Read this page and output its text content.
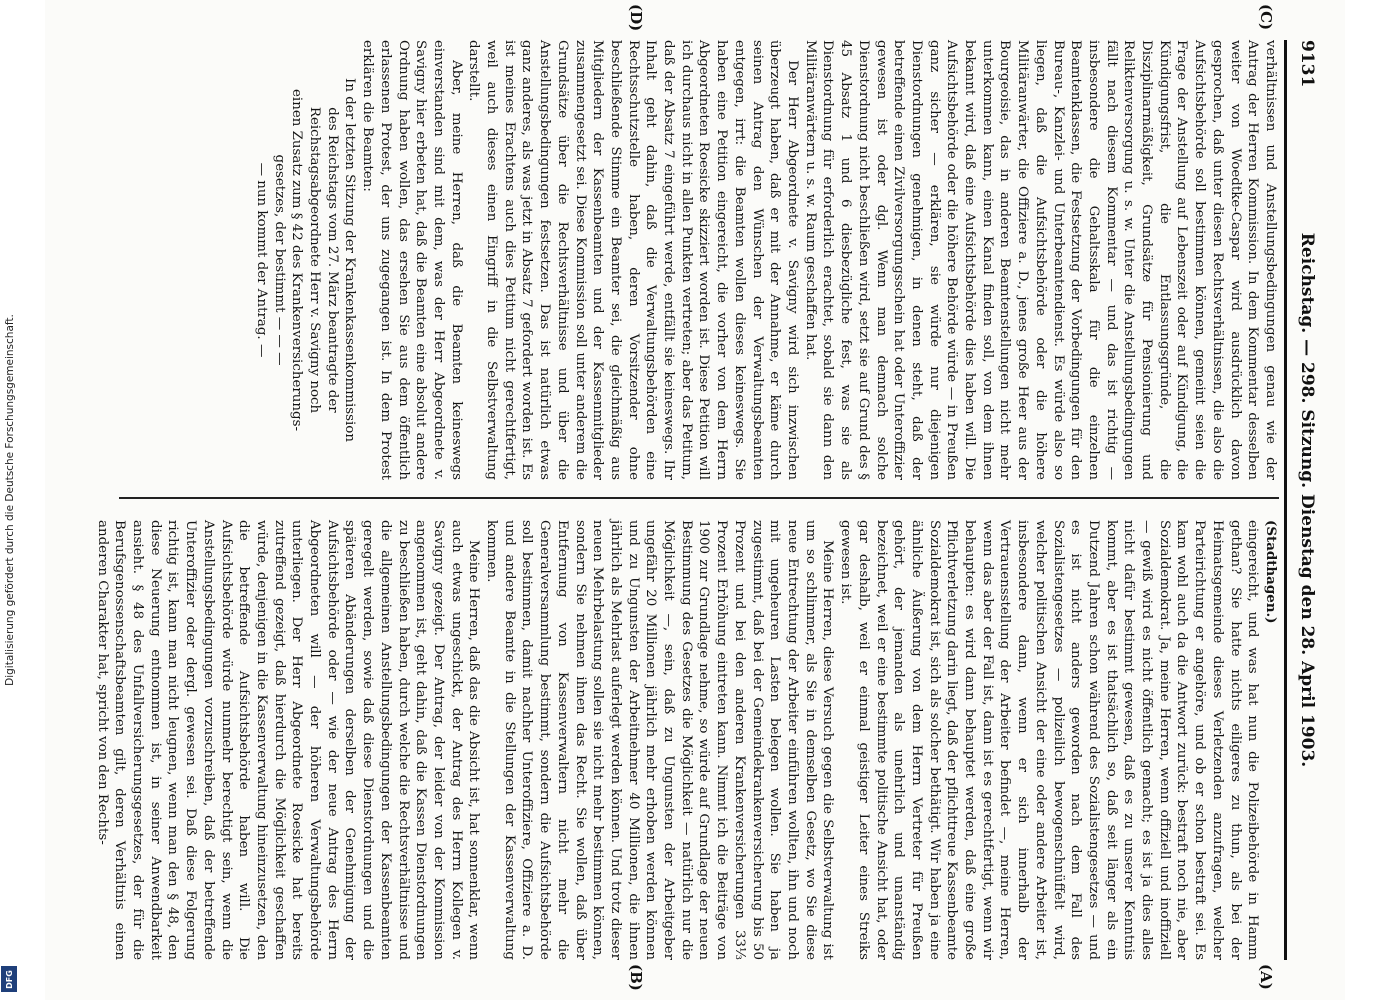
9131
Reichstag. — 298. Sitzung. Dienstag den 28. April 1903.
(C)
(D)
(A)
(B)

verhältnissen und Anstellungsbedingungen genau wie der Antrag der Herren Kommission. In dem Kommentar desselben weiter von Woedtke-Caspar wird ausdrücklich davon gesprochen, daß unter diesen Rechtsverhältnissen, die also die Aufsichtsbehörde soll bestimmen können, gemeint seien die Frage der Anstellung auf Lebenszeit oder auf Kündigung, die Kündigungsfrist, die Entlassungsgründe, die Disziplinarmäßigkeit, Grundsätze für Pensionierung und Reliktenversorgung u. s. w. Unter die Anstellungsbedingungen fällt nach diesem Kommentar — und das ist richtig — insbesondere die Gehaltsskala für die einzelnen Beamtenklassen, die Festsetzung der Vorbedingungen für den Bureau-, Kanzlei- und Unterbeamtendienst. Es würde also so liegen, daß die Aufsichtsbehörde oder die höhere Militäranwärter, die Offiziere a. D., jenes große Heer aus der Bourgeoisie, das in anderen Beamtenstellungen nicht mehr unterkommen kann, einen Kanal finden soll, von dem ihnen bekannt wird, daß eine Aufsichtsbehörde dies haben will. Die Aufsichtsbehörde oder die höhere Behörde würde — in Preußen ganz sicher — erklären, sie würde nur diejenigen Dienstordnungen genehmigen, in denen steht, daß der betreffende einen Zivilversorgungsschein hat oder Unteroffizier gewesen ist oder dgl. Wenn man demnach solche Dienstordnung nicht beschließen wird, setzt sie auf Grund des § 45 Absatz 1 und 6 diesbezügliche fest, was sie als Dienstordnung für erforderlich erachtet, sobald sie dann den Militäranwärtern u. s. w. Raum geschaffen hat.

Der Herr Abgeordnete v. Savigny wird sich inzwischen überzeugt haben, daß er mit der Annahme, er käme durch seinen Antrag den Wünschen der Verwaltungsbeamten entgegen, irrt: die Beamten wollen dieses keineswegs. Sie haben eine Petition eingereicht, die vorher von dem Herrn Abgeordneten Roesicke skizziert worden ist. Diese Petition will ich durchaus nicht in allen Punkten vertreten; aber das Petitum, daß der Absatz 7 eingeführt werde, entfällt sie keineswegs. Ihr Inhalt geht dahin, daß die Verwaltungsbehörden eine Rechtsschutzstelle haben, deren Vorsitzender ohne beschließende Stimme ein Beamter sei, die gleichmäßig aus Mitgliedern der Kassenbeamten und der Kassenmitglieder zusammengesetzt sei. Diese Kommission soll unter anderem die Grundsätze über die Rechtsverhältnisse und über die Anstellungsbedingungen festsetzen. Das ist natürlich etwas ganz anderes, als was jetzt in Absatz 7 gefordert worden ist. Es ist meines Erachtens auch dies Petitum nicht gerechtfertigt, weil auch dieses einen Eingriff in die Selbstverwaltung darstellt.

Aber, meine Herren, daß die Beamten keineswegs einverstanden sind mit dem, was der Herr Abgeordnete v. Savigny hier erbeten hat, daß die Beamten eine absolut andere Ordnung haben wollen, das ersehen Sie aus dem öffentlich erlassenen Protest, der uns zugegangen ist. In dem Protest erklären die Beamten:

In der letzten Sitzung der Krankenkassenkommission

des Reichstags vom 27. März beantragte der

Reichstagsabgeordnete Herr v. Savigny noch

einen Zusatz zum § 42 des Krankenversicherungs-

gesetzes, der bestimmt — — —

— nun kommt der Antrag. —

(Stadthagen.)

eingereicht, und was hat nun die Polizeibehörde in Hamm gethan? Sie hatte nichts eiligeres zu thun, als bei der Heimatsgemeinde dieses Verletzenden anzufragen, welcher Parteirichtung er angehöre, und ob er schon bestraft sei. Es kam wohl auch da die Antwort zurück: bestraft noch nie, aber Sozialdemokrat. Ja, meine Herren, wenn offiziell und inoffiziell — gewiß wird es nicht öffentlich gemacht; es ist ja dies alles nicht dafür bestimmt gewesen, daß es zu unserer Kenntnis kommt, aber es ist thatsächlich so, daß seit länger als ein Dutzend Jahren schon während des Sozialistengesetzes — und es ist nicht anders geworden nach dem Fall des Sozialistengesetzes — polizeilich bewogenschnüffelt wird, welcher politischen Ansicht der eine oder andere Arbeiter ist, insbesondere dann, wenn er sich innerhalb der Vertrauensstellung der Arbeiter befindet —, meine Herren, wenn das aber der Fall ist, dann ist es gerechtfertigt, wenn wir behaupten: es wird dann behauptet werden, daß eine große Pflichtverletzung darin liegt, daß der pflichttreue Kassenbeamte Sozialdemokrat ist, sich als solcher bethätigt. Wir haben ja eine ähnliche Äußerung von dem Herrn Vertreter für Preußen gehört, der jemanden als unehrlich und unanständig bezeichnet, weil er eine bestimmte politische Ansicht hat, oder gar deshalb, weil er einmal geistiger Leiter eines Streiks gewesen ist.

Meine Herren, diese Versuch gegen die Selbstverwaltung ist um so schlimmer, als Sie in demselben Gesetz, wo Sie diese neue Entrechtung der Arbeiter einführen wollten, ihn und noch mit ungeheuren Lasten belegen wollen. Sie haben ja zugestimmt, daß bei der Gemeindekrankenversicherung bis 50 Prozent und bei den anderen Krankenversicherungen 33⅓ Prozent Erhöhung eintreten kann. Nimmt ich die Beiträge von 1900 zur Grundlage nehme, so würde auf Grundlage der neuen Bestimmung des Gesetzes die Möglichkeit — natürlich nur die Möglichkeit —, sein, daß zu Ungunsten der Arbeitgeber ungefähr 20 Millionen jährlich mehr erhoben werden können und zu Ungunsten der Arbeitnehmer 40 Millionen, die ihnen jährlich als Mehrlast auferlegt werden können. Und trotz dieser neuen Mehrbelastung sollen sie nicht mehr bestimmen können, sondern Sie nehmen ihnen das Recht. Sie wollen, daß über Entfernung von Kassenverwaltern nicht mehr die Generalversammlung bestimmt, sondern die Aufsichtsbehörde soll bestimmen, damit nachher Unteroffiziere, Offiziere a. D. und andere Beamte in die Stellungen der Kassenverwaltung kommen.

Meine Herren, daß das die Absicht ist, hat sonnenklar, wenn auch etwas ungeschickt, der Antrag des Herrn Kollegen v. Savigny gezeigt. Der Antrag, der leider von der Kommission angenommen ist, geht dahin, daß die Kassen Dienstordnungen zu beschließen haben, durch welche die Rechtsverhältnisse und die allgemeinen Anstellungsbedingungen der Kassenbeamten geregelt werden, sowie daß diese Dienstordnungen und die späteren Abänderungen derselben der Genehmigung der Aufsichtsbehörde oder — wie der neue Antrag des Herrn Abgeordneten will — der höheren Verwaltungsbehörde unterliegen. Der Herr Abgeordnete Roesicke hat bereits zutreffend gezeigt, daß hierdurch die Möglichkeit geschaffen würde, denjenigen in die Kassenverwaltung hineinzusetzen, den die betreffende Aufsichtsbehörde haben will. Die Aufsichtsbehörde würde nunmehr berechtigt sein, wenn die Anstellungsbedingungen vorzuschreiben, daß der betreffende Unteroffizier oder dergl. gewesen sei. Daß diese Folgerung richtig ist, kann man nicht leugnen, wenn man den § 48, den diese Neuerung entnommen ist, in seiner Anwendbarkeit ansieht. § 48 des Unfallversicherungsgesetzes, der für die Berufsgenossenschaftsbeamten gilt, deren Verhältnis einen anderen Charakter hat, spricht von den Rechts-

Digitalisierung gefördert durch die Deutsche Forschungsgemeinschaft.
DFG
